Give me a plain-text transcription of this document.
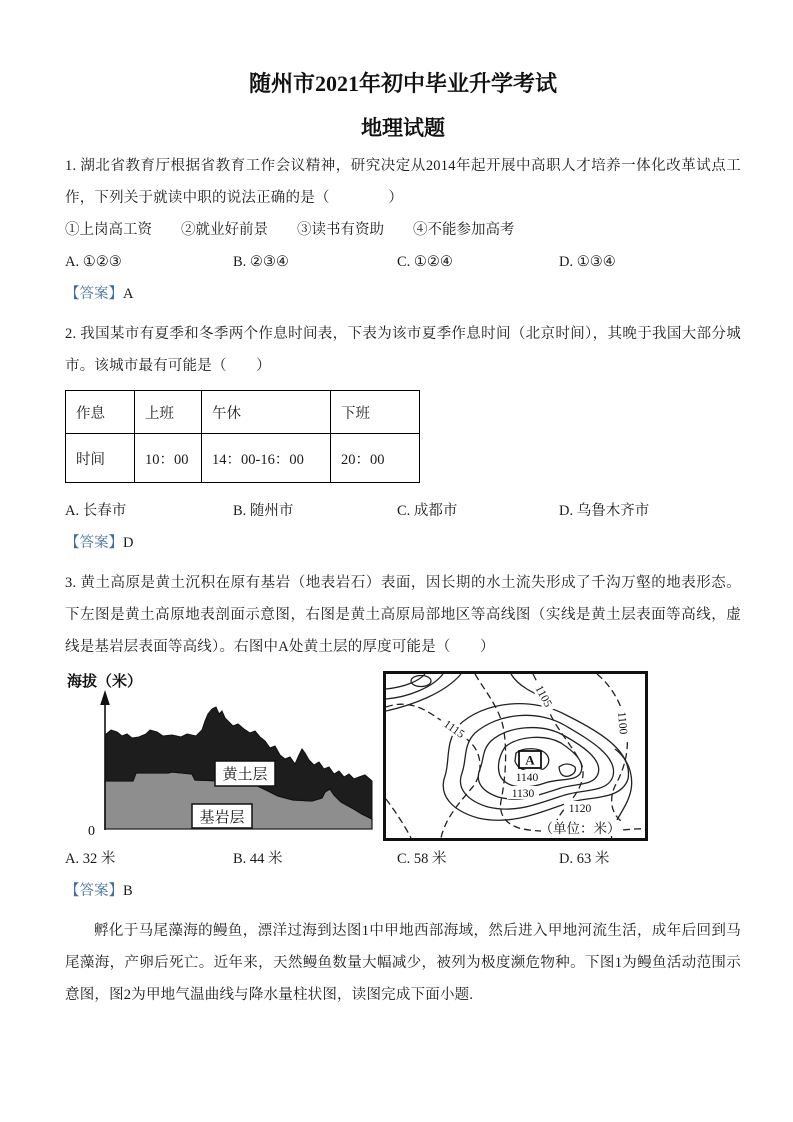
随州市2021年初中毕业升学考试
地理试题

1. 湖北省教育厅根据省教育工作会议精神，研究决定从2014年起开展中高职人才培养一体化改革试点工作，下列关于就读中职的说法正确的是（　　　　）

①上岗高工资　　②就业好前景　　③读书有资助　　④不能参加高考

A. ①②③	B. ②③④	C. ①②④	D. ①③④

【答案】A

2. 我国某市有夏季和冬季两个作息时间表，下表为该市夏季作息时间（北京时间），其晚于我国大部分城市。该城市最有可能是（　　）

作息	上班	午休	下班
时间	10：00	14：00-16：00	20：00
A. 长春市	B. 随州市	C. 成都市	D. 乌鲁木齐市

【答案】D

3. 黄土高原是黄土沉积在原有基岩（地表岩石）表面，因长期的水土流失形成了千沟万壑的地表形态。下左图是黄土高原地表剖面示意图，右图是黄土高原局部地区等高线图（实线是黄土层表面等高线，虚线是基岩层表面等高线）。右图中A处黄土层的厚度可能是（　　）

海拔（米）
0
黄土层
基岩层
1115
1105
1100
1140
1130
1120
A
（单位：米）
A. 32 米	B. 44 米	C. 58 米	D. 63 米

【答案】B

孵化于马尾藻海的鳗鱼，漂洋过海到达图1中甲地西部海域，然后进入甲地河流生活，成年后回到马尾藻海，产卵后死亡。近年来，天然鳗鱼数量大幅减少，被列为极度濒危物种。下图1为鳗鱼活动范围示意图，图2为甲地气温曲线与降水量柱状图，读图完成下面小题.
